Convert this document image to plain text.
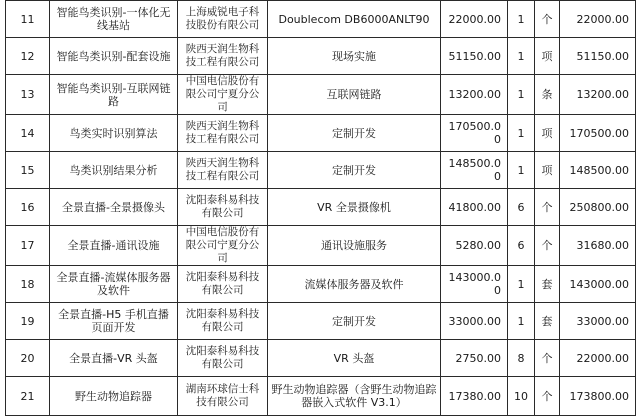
11	智能鸟类识别-一体化无线基站	上海威锐电子科技股份有限公司	Doublecom DB6000ANLT90	22000.00	1	个	22000.00
12	智能鸟类识别-配套设施	陕西天润生物科技工程有限公司	现场实施	51150.00	1	项	51150.00
13	智能鸟类识别-互联网链路	中国电信股份有限公司宁夏分公司	互联网链路	13200.00	1	条	13200.00
14	鸟类实时识别算法	陕西天润生物科技工程有限公司	定制开发	170500.00	1	项	170500.00
15	鸟类识别结果分析	陕西天润生物科技工程有限公司	定制开发	148500.00	1	项	148500.00
16	全景直播-全景摄像头	沈阳泰科易科技有限公司	VR 全景摄像机	41800.00	6	个	250800.00
17	全景直播-通讯设施	中国电信股份有限公司宁夏分公司	通讯设施服务	5280.00	6	个	31680.00
18	全景直播-流媒体服务器及软件	沈阳泰科易科技有限公司	流媒体服务器及软件	143000.00	1	套	143000.00
19	全景直播-H5 手机直播页面开发	沈阳泰科易科技有限公司	定制开发	33000.00	1	套	33000.00
20	全景直播-VR 头盔	沈阳泰科易科技有限公司	VR 头盔	2750.00	8	个	22000.00
21	野生动物追踪器	湖南环球信士科技有限公司	野生动物追踪器（含野生动物追踪器嵌入式软件 V3.1）	17380.00	10	个	173800.00
